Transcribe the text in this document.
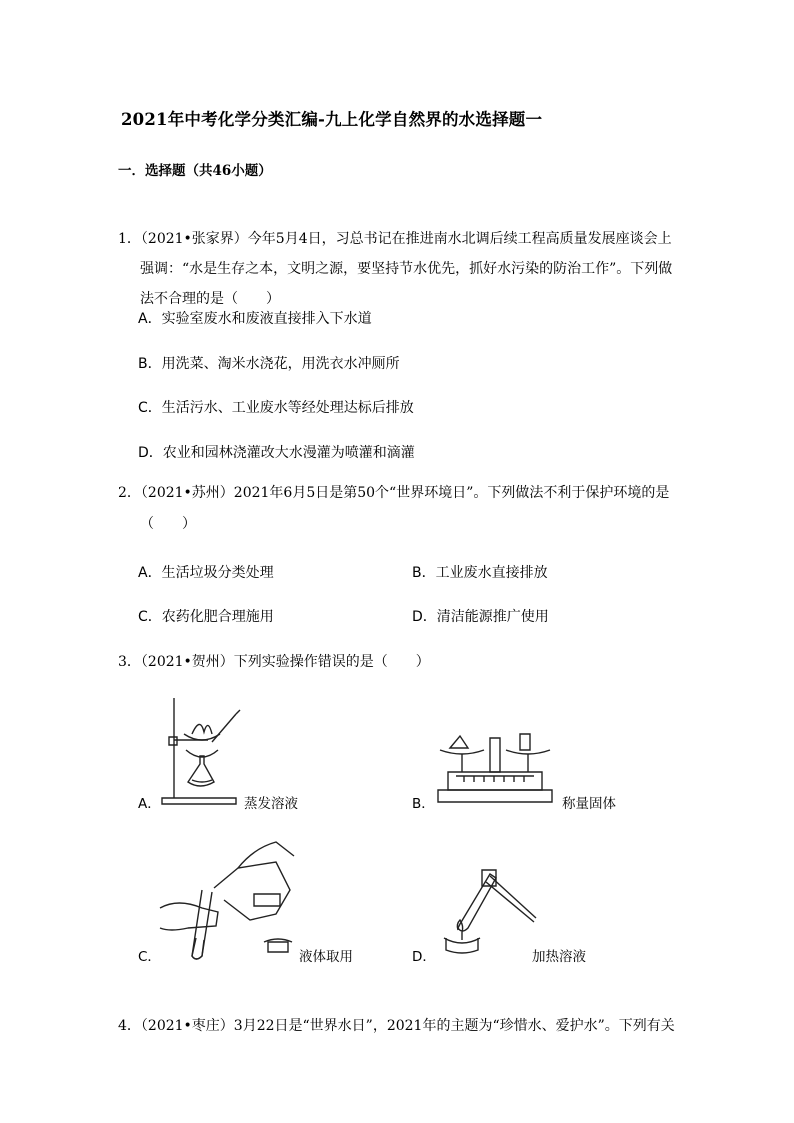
2021年中考化学分类汇编-九上化学自然界的水选择题一
一．选择题（共46小题）
1．（2021•张家界）今年5月4日，习总书记在推进南水北调后续工程高质量发展座谈会上
强调：“水是生存之本，文明之源，要坚持节水优先，抓好水污染的防治工作”。下列做
法不合理的是（　　）
A．实验室废水和废液直接排入下水道
B．用洗菜、淘米水浇花，用洗衣水冲厕所
C．生活污水、工业废水等经处理达标后排放
D．农业和园林浇灌改大水漫灌为喷灌和滴灌
2．（2021•苏州）2021年6月5日是第50个“世界环境日”。下列做法不利于保护环境的是
（　　）
A．生活垃圾分类处理	B．工业废水直接排放
C．农药化肥合理施用	D．清洁能源推广使用
3．（2021•贺州）下列实验操作错误的是（　　）
A．	蒸发溶液	B．	称量固体
C．	液体取用	D．	加热溶液
4．（2021•枣庄）3月22日是“世界水日”，2021年的主题为“珍惜水、爱护水”。下列有关
